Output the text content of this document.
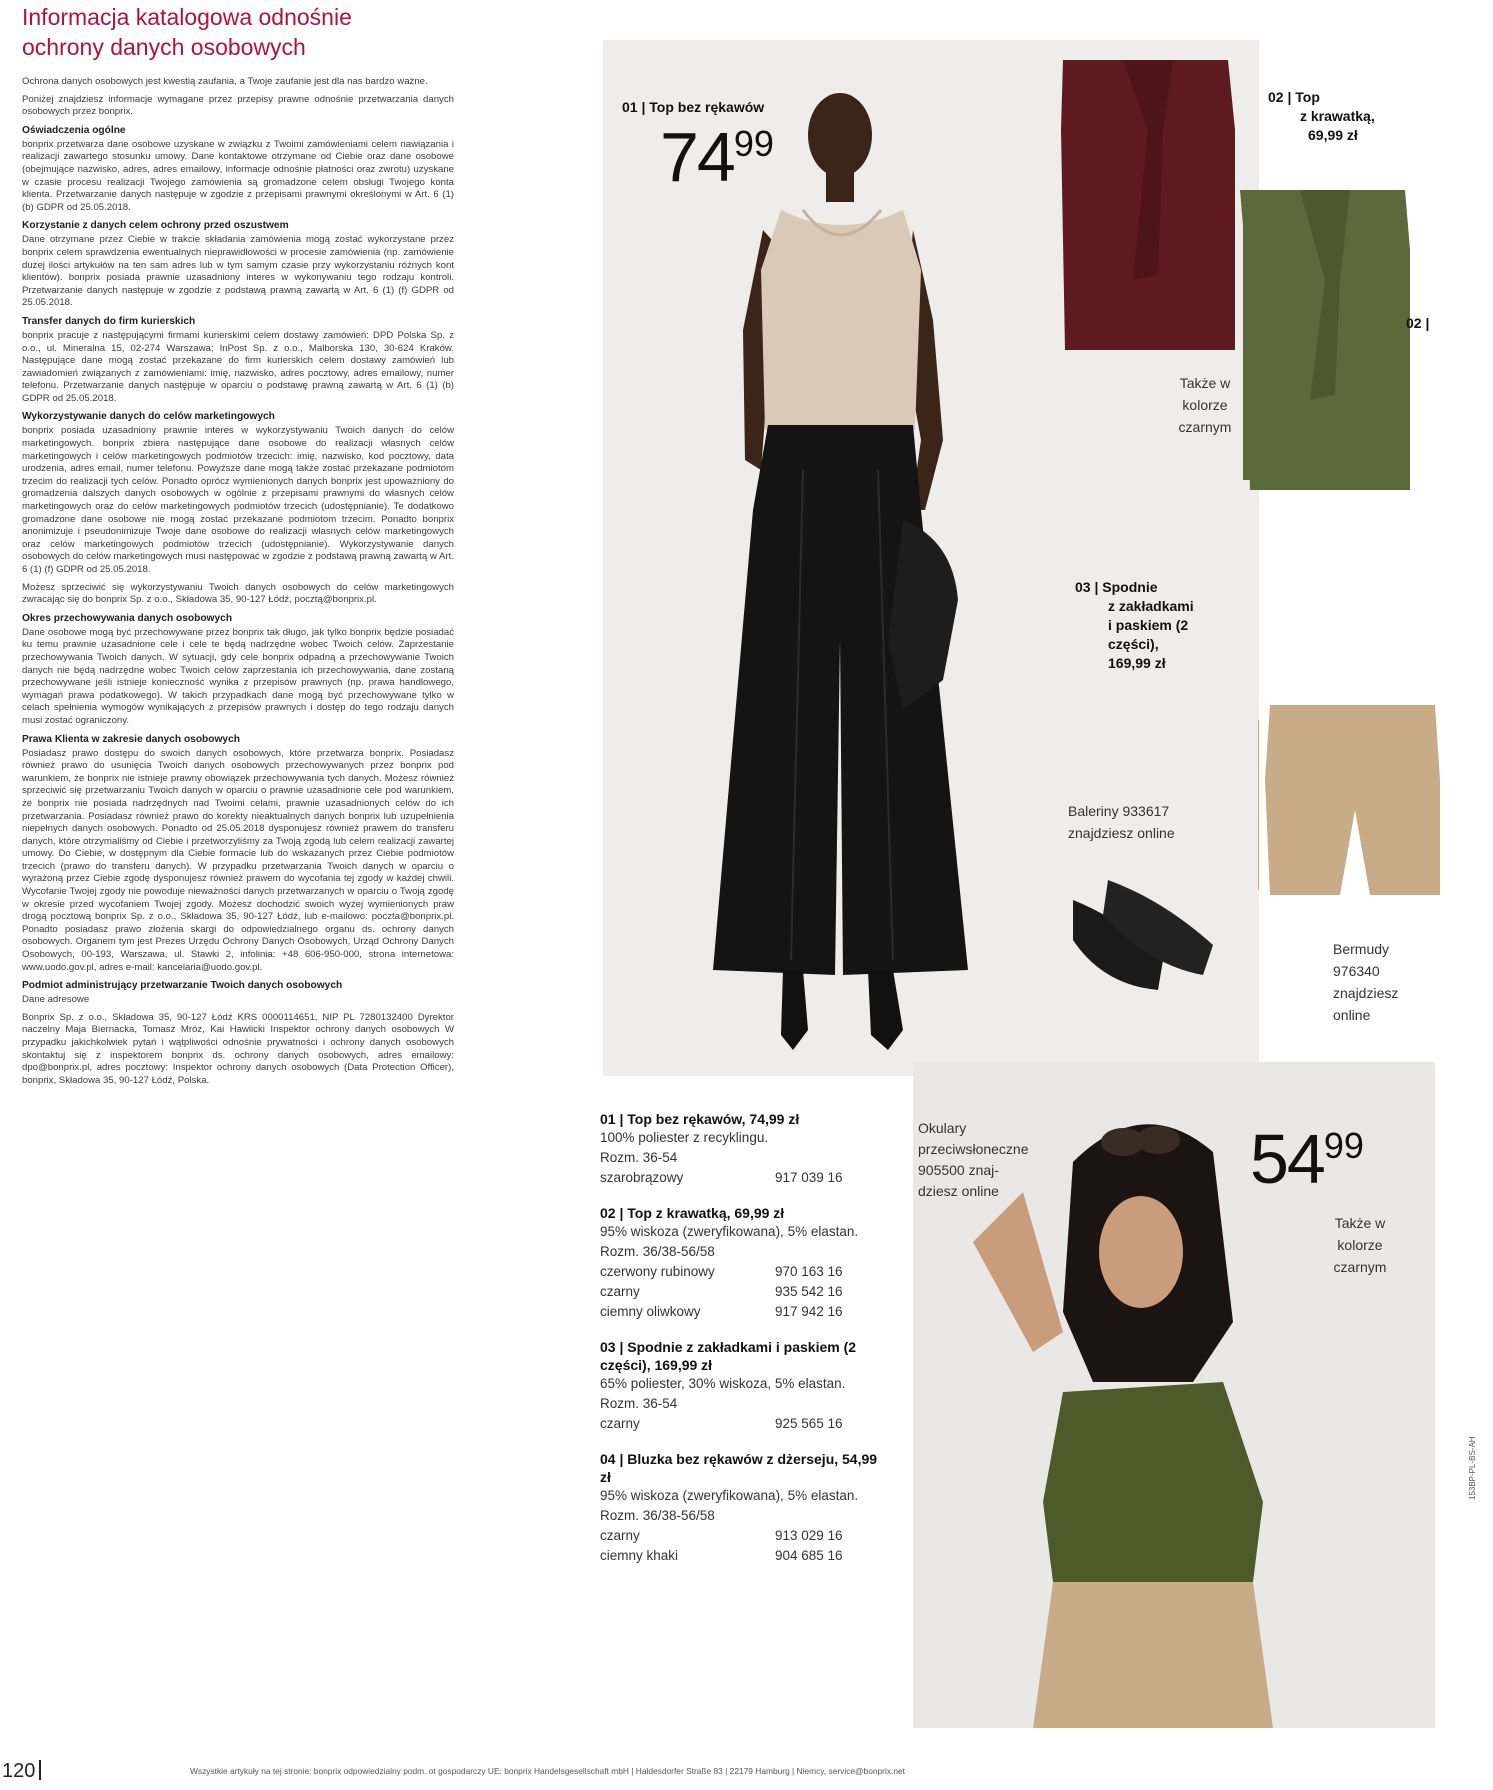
Informacja katalogowa odnośnie
ochrony danych osobowych

Ochrona danych osobowych jest kwestią zaufania, a Twoje zaufanie jest dla nas bardzo ważne.

Poniżej znajdziesz informacje wymagane przez przepisy prawne odnośnie przetwarzania danych osobowych przez bonprix.

Oświadczenia ogólne

bonprix przetwarza dane osobowe uzyskane w związku z Twoimi zamówieniami celem nawiązania i realizacji zawartego stosunku umowy. Dane kontaktowe otrzymane od Ciebie oraz dane osobowe (obejmujące nazwisko, adres, adres emailowy, informacje odnośnie płatności oraz zwrotu) uzyskane w czasie procesu realizacji Twojego zamówienia są gromadzone celem obsługi Twojego konta klienta. Przetwarzanie danych następuje w zgodzie z przepisami prawnymi określonymi w Art. 6 (1) (b) GDPR od 25.05.2018.

Korzystanie z danych celem ochrony przed oszustwem

Dane otrzymane przez Ciebie w trakcie składania zamówienia mogą zostać wykorzystane przez bonprix celem sprawdzenia ewentualnych nieprawidłowości w procesie zamówienia (np. zamówienie dużej ilości artykułów na ten sam adres lub w tym samym czasie przy wykorzystaniu różnych kont klientów). bonprix posiada prawnie uzasadniony interes w wykonywaniu tego rodzaju kontroli. Przetwarzanie danych następuje w zgodzie z podstawą prawną zawartą w Art. 6 (1) (f) GDPR od 25.05.2018.

Transfer danych do firm kurierskich

bonprix pracuje z następującymi firmami kurierskimi celem dostawy zamówień: DPD Polska Sp. z o.o., ul. Mineralna 15, 02-274 Warszawa; InPost Sp. z o.o., Malborska 130, 30-624 Kraków. Następujące dane mogą zostać przekazane do firm kurierskich celem dostawy zamówień lub zawiadomień związanych z zamówieniami: imię, nazwisko, adres pocztowy, adres emailowy, numer telefonu. Przetwarzanie danych następuje w oparciu o podstawę prawną zawartą w Art. 6 (1) (b) GDPR od 25.05.2018.

Wykorzystywanie danych do celów marketingowych

bonprix posiada uzasadniony prawnie interes w wykorzystywaniu Twoich danych do celów marketingowych. bonprix zbiera następujące dane osobowe do realizacji własnych celów marketingowych i celów marketingowych podmiotów trzecich: imię, nazwisko, kod pocztowy, data urodzenia, adres email, numer telefonu. Powyższe dane mogą także zostać przekazane podmiotom trzecim do realizacji tych celów. Ponadto oprócz wymienionych danych bonprix jest upoważniony do gromadzenia dalszych danych osobowych w ogólnie z przepisami prawnymi do własnych celów marketingowych oraz do celów marketingowych podmiotów trzecich (udostępnianie). Te dodatkowo gromadzone dane osobowe nie mogą zostać przekazane podmiotom trzecim. Ponadto bonprix anonimizuje i pseudonimizuje Twoje dane osobowe do realizacji własnych celów marketingowych oraz celów marketingowych podmiotów trzecich (udostępnianie). Wykorzystywanie danych osobowych do celów marketingowych musi następować w zgodzie z podstawą prawną zawartą w Art. 6 (1) (f) GDPR od 25.05.2018.

Możesz sprzeciwić się wykorzystywaniu Twoich danych osobowych do celów marketingowych zwracając się do bonprix Sp. z o.o., Składowa 35, 90-127 Łódź, pocztą@bonprix.pl.

Okres przechowywania danych osobowych

Dane osobowe mogą być przechowywane przez bonprix tak długo, jak tylko bonprix będzie posiadać ku temu prawnie uzasadnione cele i cele te będą nadrzędne wobec Twoich celów. Zaprzestanie przechowywania Twoich danych. W sytuacji, gdy cele bonprix odpadną a przechowywanie Twoich danych nie będą nadrzędne wobec Twoich celów zaprzestania ich przechowywania, dane zostaną przechowywane jeśli istnieje konieczność wynika z przepisów prawnych (np. prawa handlowego, wymagań prawa podatkowego). W takich przypadkach dane mogą być przechowywane tylko w celach spełnienia wymogów wynikających z przepisów prawnych i dostęp do tego rodzaju danych musi zostać ograniczony.

Prawa Klienta w zakresie danych osobowych

Posiadasz prawo dostępu do swoich danych osobowych, które przetwarza bonprix. Posiadasz również prawo do usunięcia Twoich danych osobowych przechowywanych przez bonprix pod warunkiem, że bonprix nie istnieje prawny obowiązek przechowywania tych danych. Możesz również sprzeciwić się przetwarzaniu Twoich danych w oparciu o prawnie uzasadnione cele pod warunkiem, że bonprix nie posiada nadrzędnych nad Twoimi celami, prawnie uzasadnionych celów do ich przetwarzania. Posiadasz również prawo do korekty nieaktualnych danych bonprix lub uzupełnienia niepełnych danych osobowych. Ponadto od 25.05.2018 dysponujesz również prawem do transferu danych, które otrzymaliśmy od Ciebie i przetworzyliśmy za Twoją zgodą lub celem realizacji zawartej umowy. Do Ciebie, w dostępnym dla Ciebie formacie lub do wskazanych przez Ciebie podmiotów trzecich (prawo do transferu danych). W przypadku przetwarzania Twoich danych w oparciu o wyrażoną przez Ciebie zgodę dysponujesz również prawem do wycofania tej zgody w każdej chwili. Wycofanie Twojej zgody nie powoduje nieważności danych przetwarzanych w oparciu o Twoją zgodę w okresie przed wycofaniem Twojej zgody. Możesz dochodzić swoich wyżej wymienionych praw drogą pocztową bonprix Sp. z o.o., Składowa 35, 90-127 Łódź, lub e-mailowo: poczta@bonprix.pl. Ponadto posiadasz prawo złożenia skargi do odpowiedzialnego organu ds. ochrony danych osobowych. Organem tym jest Prezes Urzędu Ochrony Danych Osobowych, Urząd Ochrony Danych Osobowych, 00-193, Warszawa, ul. Stawki 2, infolinia: +48 606-950-000, strona internetowa: www.uodo.gov.pl, adres e-mail: kancelaria@uodo.gov.pl.

Podmiot administrujący przetwarzanie Twoich danych osobowych

Dane adresowe

Bonprix Sp. z o.o., Składowa 35, 90-127 Łódź KRS 0000114651, NIP PL 7280132400 Dyrektor naczelny Maja Biernacka, Tomasz Mróz, Kai Hawlicki Inspektor ochrony danych osobowych W przypadku jakichkolwiek pytań i wątpliwości odnośnie prywatności i ochrony danych osobowych skontaktuj się z inspektorem bonprix ds. ochrony danych osobowych, adres emailowy: dpo@bonprix.pl, adres pocztowy: Inspektor ochrony danych osobowych (Data Protection Officer), bonprix, Składowa 35, 90-127 Łódź, Polska.

01 | Top bez rękawów
7499
02 | Top
z krawatką,
69,99 zł
02 |
03 | Spodnie
z zakładkami
i paskiem (2
części),
169,99 zł

Także w
kolorze
czarnym
Baleriny 933617
znajdziesz online
Bermudy
976340
znajdziesz
online
5499
Okulary
przeciwsłoneczne
905500 znaj-
dziesz online
Także w
kolorze
czarnym
01 | Top bez rękawów, 74,99 zł
100% poliester z recyklingu.
Rozm. 36-54
szarobrązowy	917 039 16
02 | Top z krawatką, 69,99 zł
95% wiskoza (zweryfikowana), 5% elastan.
Rozm. 36/38-56/58
czerwony rubinowy	970 163 16
czarny	935 542 16
ciemny oliwkowy	917 942 16
03 | Spodnie z zakładkami i paskiem (2 części), 169,99 zł
65% poliester, 30% wiskoza, 5% elastan.
Rozm. 36-54
czarny	925 565 16
04 | Bluzka bez rękawów z dżerseju, 54,99 zł
95% wiskoza (zweryfikowana), 5% elastan.
Rozm. 36/38-56/58
czarny	913 029 16
ciemny khaki	904 685 16
120	Wszystkie artykuły na tej stronie: bonprix odpowiedzialny podm. ot gospodarczy UE: bonprix Handelsgesellschaft mbH | Haldesdorfer Straße 83 | 22179 Hamburg | Niemcy, service@bonprix.net
153BP-PL-BS-AH
